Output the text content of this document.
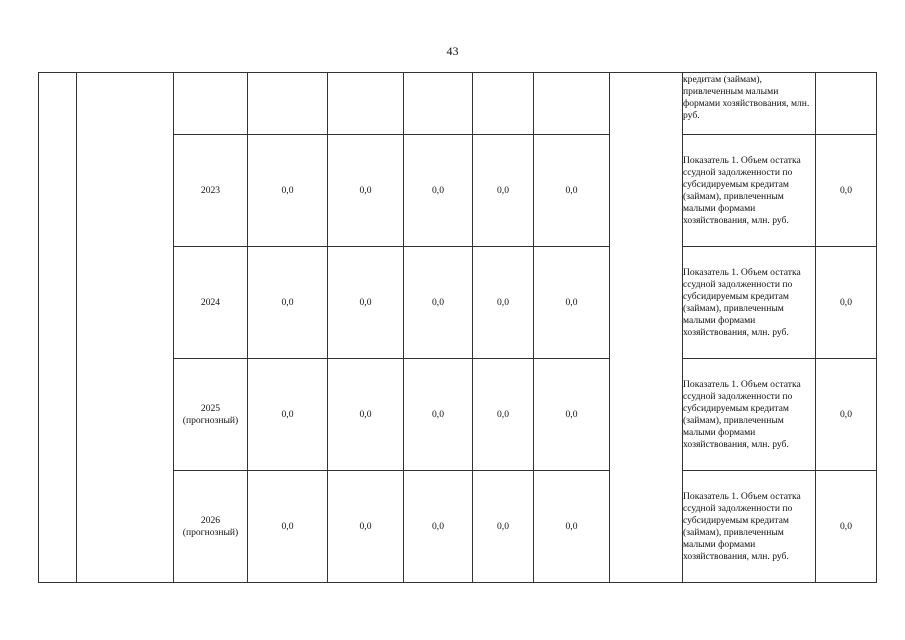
43

									кредитам (займам), привлеченным малыми формами хозяйствования, млн. руб.	

		2023	0,0	0,0	0,0	0,0	0,0		Показатель 1. Объем остатка ссудной задолженности по субсидируемым кредитам (займам), привлеченным малыми формами хозяйствования, млн. руб.	0,0

		2024	0,0	0,0	0,0	0,0	0,0		Показатель 1. Объем остатка ссудной задолженности по субсидируемым кредитам (займам), привлеченным малыми формами хозяйствования, млн. руб.	0,0

		2025
(прогнозный)	0,0	0,0	0,0	0,0	0,0		Показатель 1. Объем остатка ссудной задолженности по субсидируемым кредитам (займам), привлеченным малыми формами хозяйствования, млн. руб.	0,0

		2026
(прогнозный)	0,0	0,0	0,0	0,0	0,0		Показатель 1. Объем остатка ссудной задолженности по субсидируемым кредитам (займам), привлеченным малыми формами хозяйствования, млн. руб.	0,0
